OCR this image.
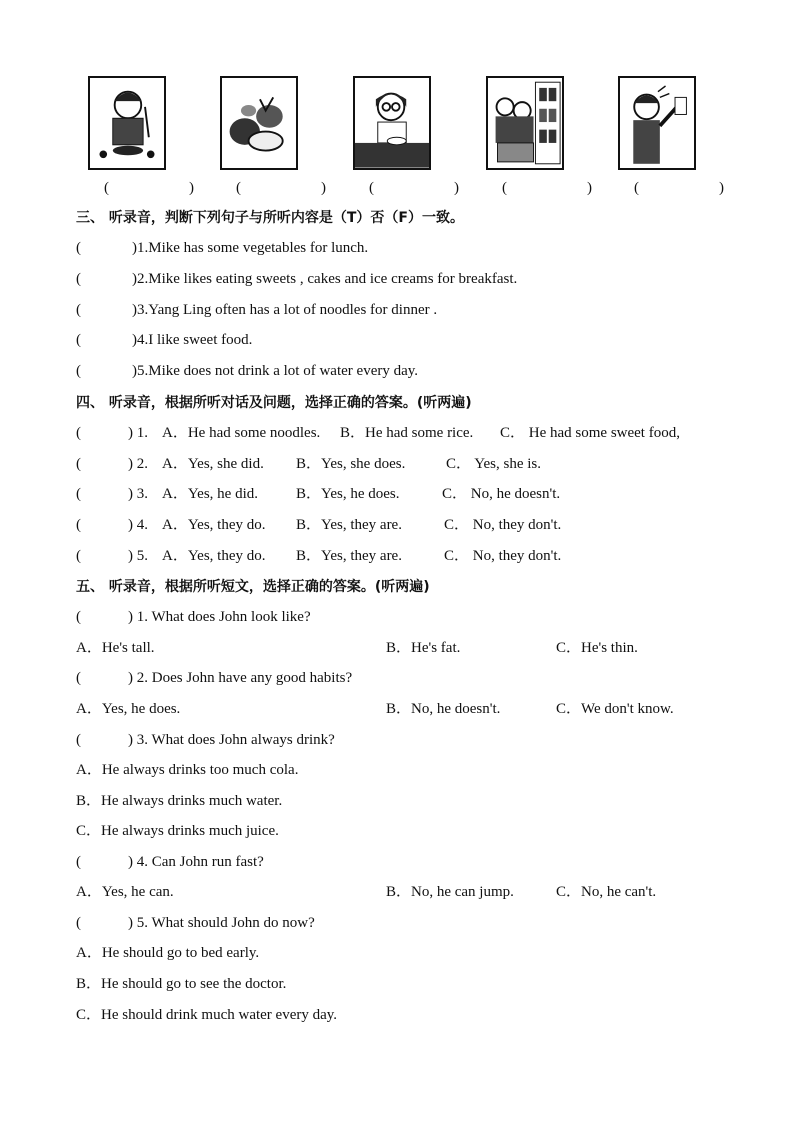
(	)	(	)	(	)	(	)	(	)
三、 听录音，判断下列句子与所听内容是（T）否（F）一致。
(	)1.Mike has some vegetables for lunch.
(	)2.Mike likes eating sweets , cakes and ice creams for breakfast.
(	)3.Yang Ling often has a lot of noodles for dinner .
(	)4.I like sweet food.
(	)5.Mike does not drink a lot of water every day.
四、 听录音，根据所听对话及问题，选择正确的答案。(听两遍)
(	) 1. A．He had some noodles. B．He had some rice. C． He had some sweet food,
(	) 2. A．Yes, she did. B．Yes, she does.	C． Yes, she is.
(	) 3. A．Yes, he did.	B．Yes, he does.	C． No, he doesn't.
(	) 4. A．Yes, they do. B．Yes, they are.	C． No, they don't.
(	) 5. A．Yes, they do. B．Yes, they are.	C． No, they don't.
五、 听录音，根据所听短文，选择正确的答案。(听两遍)
(	) 1. What does John look like?
A．He's tall.	B．He's fat.	C．He's thin.
(	) 2. Does John have any good habits?
A．Yes, he does.	B．No, he doesn't.	C．We don't know.
(	) 3. What does John always drink?
A．He always drinks too much cola.
B．He always drinks much water.
C．He always drinks much juice.
(	) 4. Can John run fast?
A．Yes, he can.	B．No, he can jump.	C．No, he can't.
(	) 5. What should John do now?
A．He should go to bed early.
B．He should go to see the doctor.
C．He should drink much water every day.
